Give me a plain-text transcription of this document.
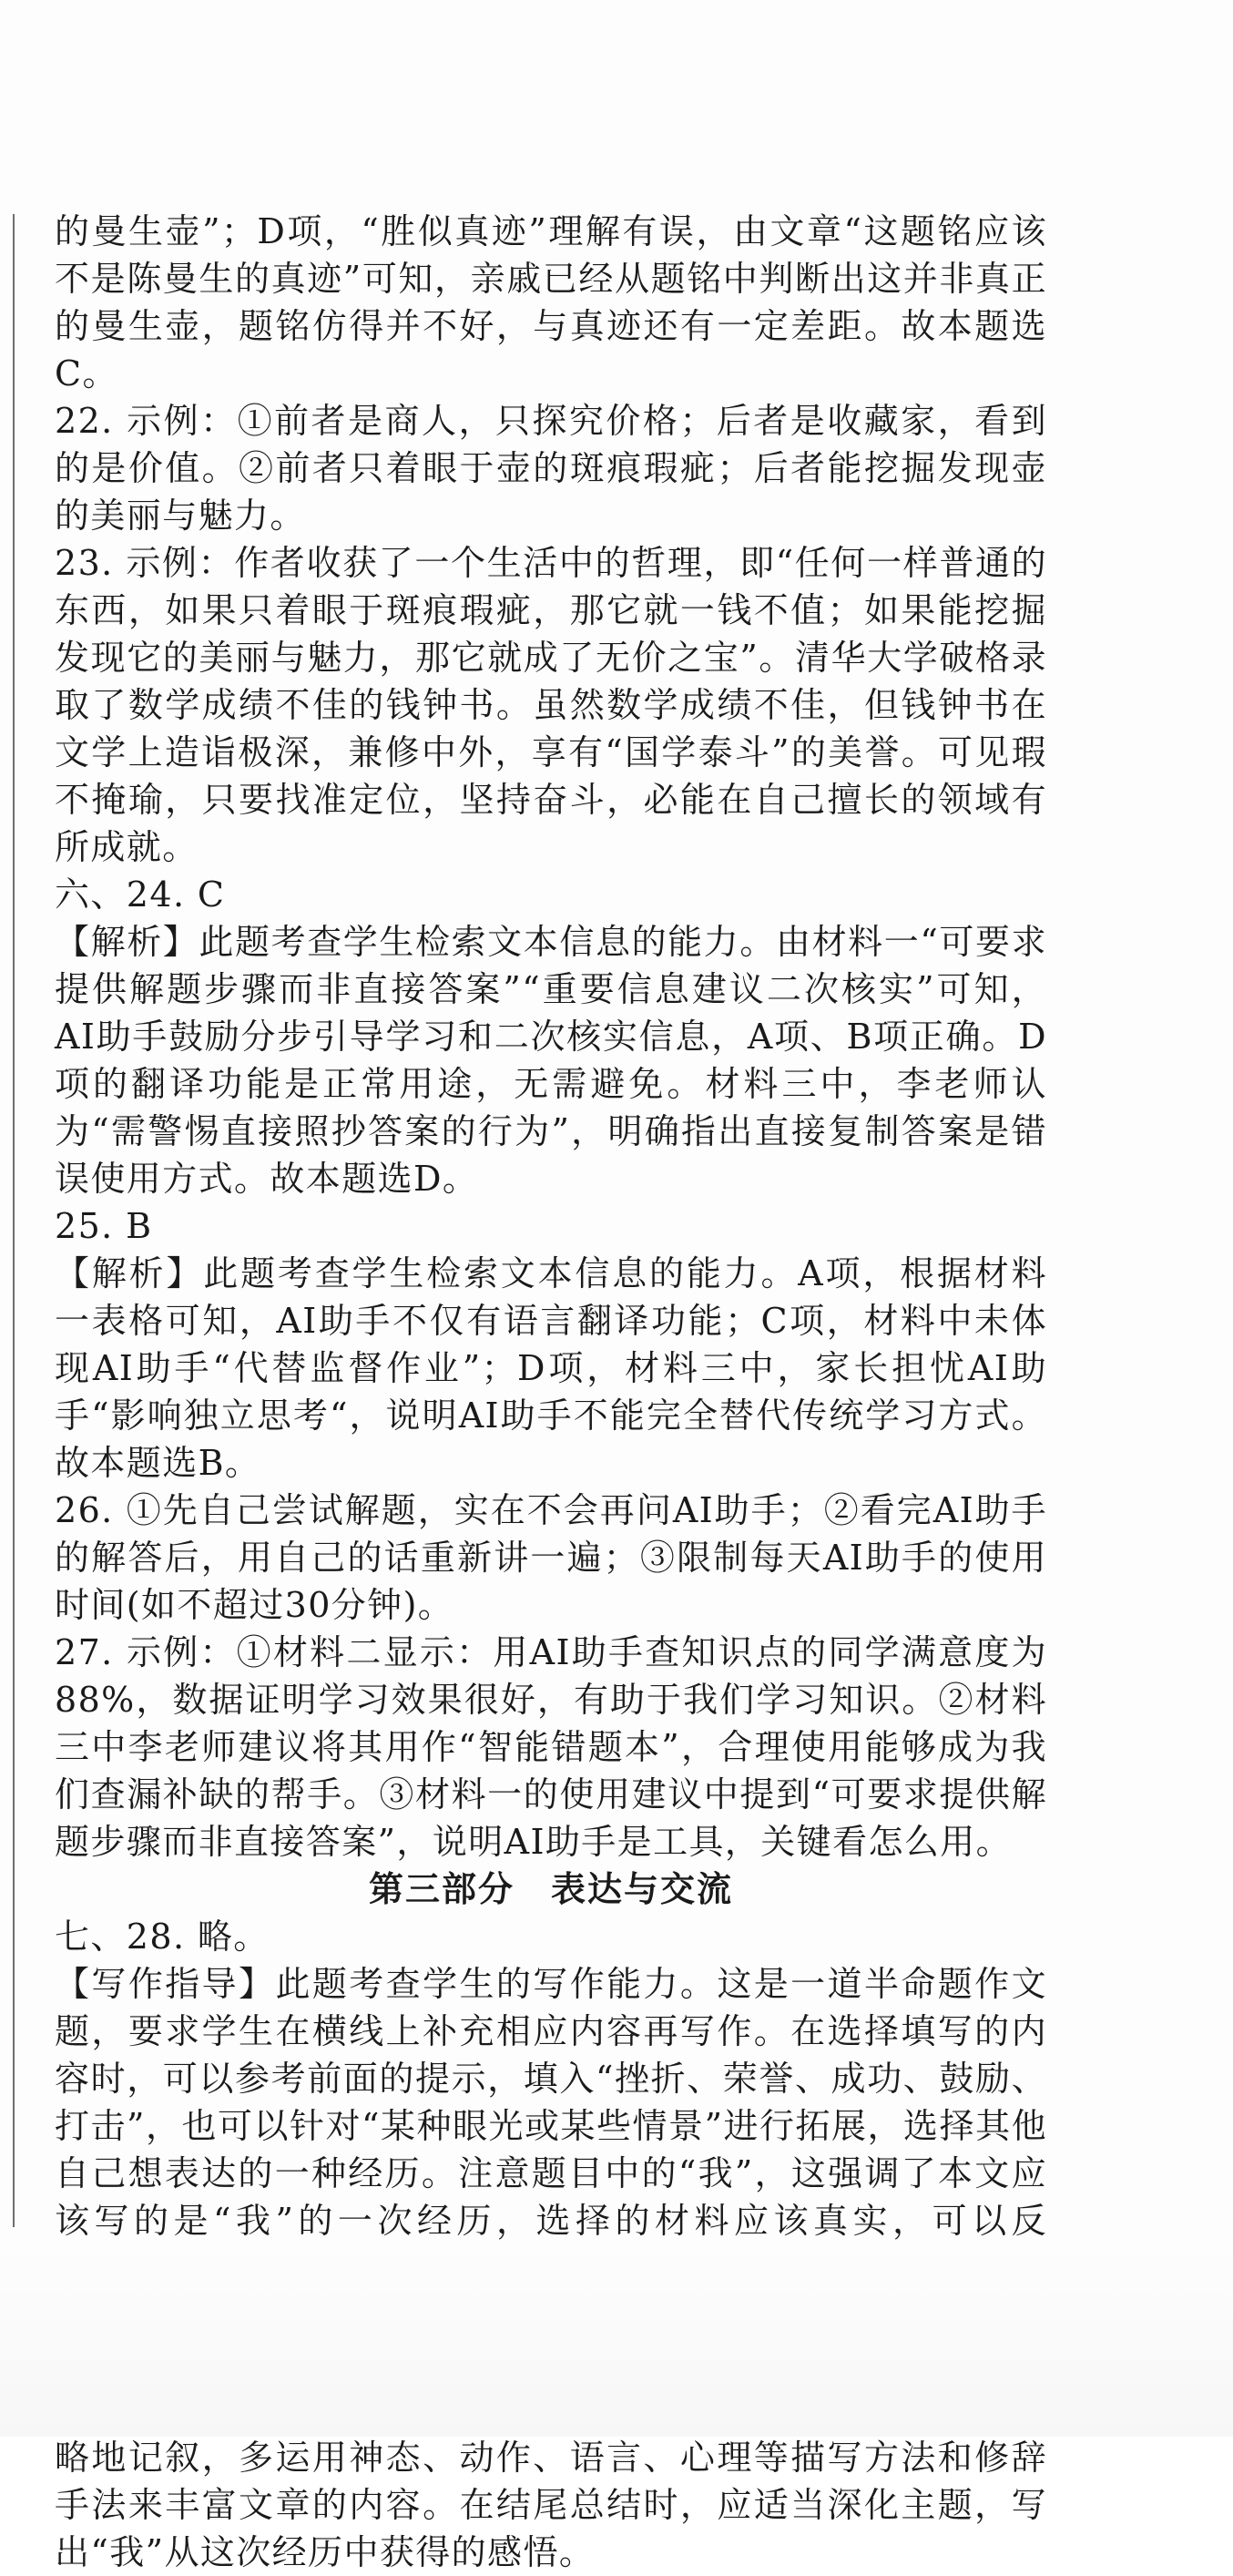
的曼生壶”；D项，“胜似真迹”理解有误，由文章“这题铭应该不是陈曼生的真迹”可知，亲戚已经从题铭中判断出这并非真正的曼生壶，题铭仿得并不好，与真迹还有一定差距。故本题选C。

22. 示例：①前者是商人，只探究价格；后者是收藏家，看到的是价值。②前者只着眼于壶的斑痕瑕疵；后者能挖掘发现壶的美丽与魅力。

23. 示例：作者收获了一个生活中的哲理，即“任何一样普通的东西，如果只着眼于斑痕瑕疵，那它就一钱不值；如果能挖掘发现它的美丽与魅力，那它就成了无价之宝”。清华大学破格录取了数学成绩不佳的钱钟书。虽然数学成绩不佳，但钱钟书在文学上造诣极深，兼修中外，享有“国学泰斗”的美誉。可见瑕不掩瑜，只要找准定位，坚持奋斗，必能在自己擅长的领域有所成就。

六、24. C

【解析】此题考查学生检索文本信息的能力。由材料一“可要求提供解题步骤而非直接答案”“重要信息建议二次核实”可知，AI助手鼓励分步引导学习和二次核实信息，A项、B项正确。D项的翻译功能是正常用途，无需避免。材料三中，李老师认为“需警惕直接照抄答案的行为”，明确指出直接复制答案是错误使用方式。故本题选D。

25. B

【解析】此题考查学生检索文本信息的能力。A项，根据材料一表格可知，AI助手不仅有语言翻译功能；C项，材料中未体现AI助手“代替监督作业”；D项，材料三中，家长担忧AI助手“影响独立思考“，说明AI助手不能完全替代传统学习方式。故本题选B。

26. ①先自己尝试解题，实在不会再问AI助手；②看完AI助手的解答后，用自己的话重新讲一遍；③限制每天AI助手的使用时间(如不超过30分钟)。

27. 示例：①材料二显示：用AI助手查知识点的同学满意度为88%，数据证明学习效果很好，有助于我们学习知识。②材料三中李老师建议将其用作“智能错题本”，合理使用能够成为我们查漏补缺的帮手。③材料一的使用建议中提到“可要求提供解题步骤而非直接答案”，说明AI助手是工具，关键看怎么用。

第三部分　表达与交流

七、28. 略。

【写作指导】此题考查学生的写作能力。这是一道半命题作文题，要求学生在横线上补充相应内容再写作。在选择填写的内容时，可以参考前面的提示，填入“挫折、荣誉、成功、鼓励、打击”，也可以针对“某种眼光或某些情景”进行拓展，选择其他自己想表达的一种经历。注意题目中的“我”，这强调了本文应该写的是“我”的一次经历，选择的材料应该真实，可以反 略地记叙，多运用神态、动作、语言、心理等描写方法和修辞手法来丰富文章的内容。在结尾总结时，应适当深化主题，写出“我”从这次经历中获得的感悟。
